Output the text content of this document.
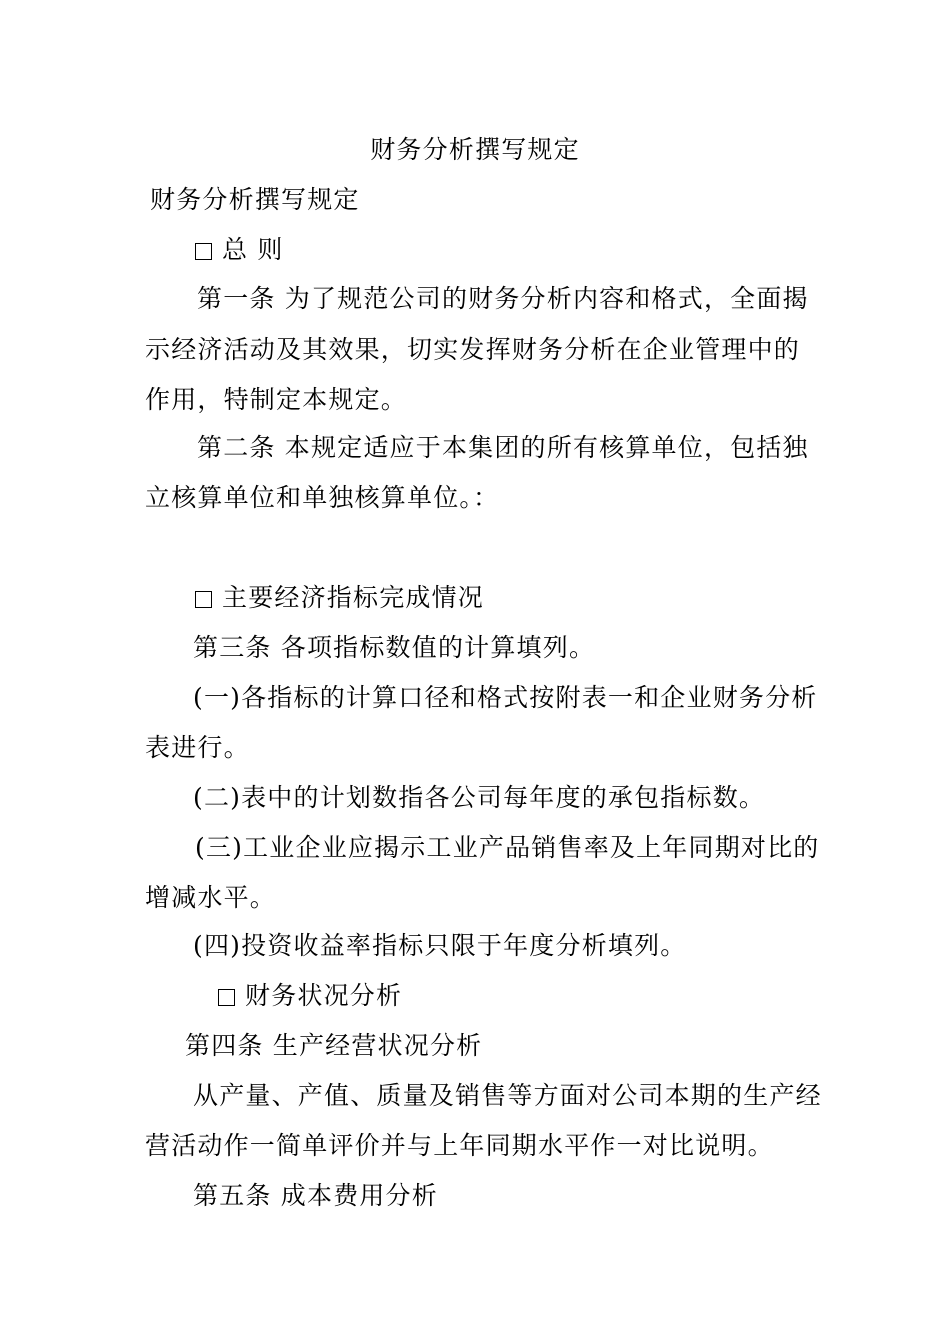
财务分析撰写规定
财务分析撰写规定
总 则
第一条 为了规范公司的财务分析内容和格式，全面揭
示经济活动及其效果，切实发挥财务分析在企业管理中的
作用，特制定本规定。
第二条 本规定适应于本集团的所有核算单位，包括独
立核算单位和单独核算单位。：
主要经济指标完成情况
第三条 各项指标数值的计算填列。
(一)各指标的计算口径和格式按附表一和企业财务分析
表进行。
(二)表中的计划数指各公司每年度的承包指标数。
(三)工业企业应揭示工业产品销售率及上年同期对比的
增减水平。
(四)投资收益率指标只限于年度分析填列。
财务状况分析
第四条 生产经营状况分析
从产量、产值、质量及销售等方面对公司本期的生产经
营活动作一简单评价并与上年同期水平作一对比说明。
第五条 成本费用分析
